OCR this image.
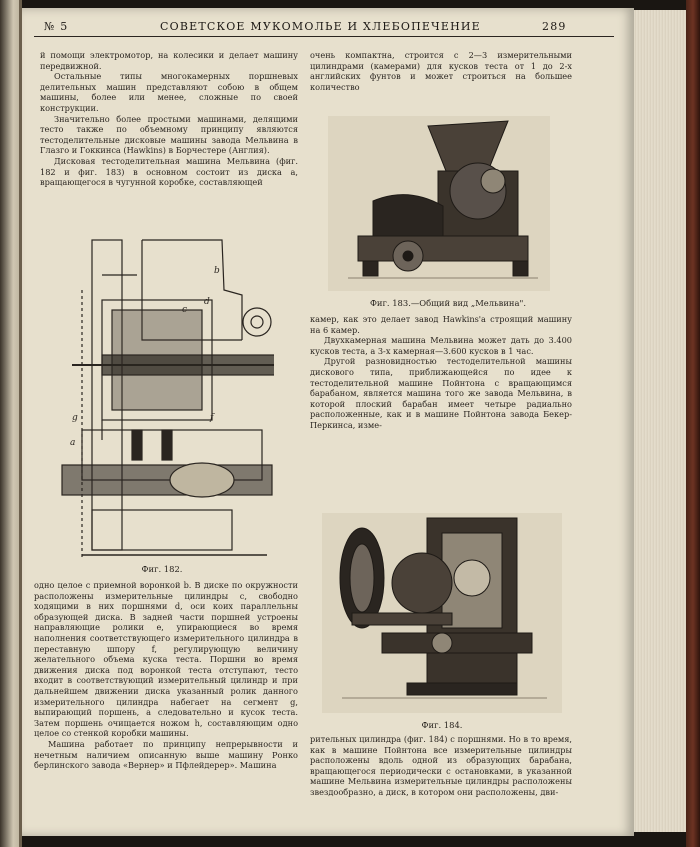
№ 5	СОВЕТСКОЕ МУКОМОЛЬЕ И ХЛЕБОПЕЧЕНИЕ	289

й помощи электромотор, на колесики и делает машину передвижной.

Остальные типы многокамерных поршневых делительных машин представляют собою в общем машины, более или менее, сложные по своей конструкции.

Значительно более простыми машинами, делящими тесто также по объемному принципу являются тестоделительные дисковые машины завода Мельвина в Глазго и Гоккинса (Hawkins) в Борчестере (Англия).

Дисковая тестоделительная машина Мельвина (фиг. 182 и фиг. 183) в основном состоит из диска а, вращающегося в чугунной коробке, составляющей

b
d
c
g
a
f
Фиг. 182.

одно целое с приемной воронкой b. В диске по окружности расположены измерительные цилиндры с, свободно ходящими в них поршнями d, оси коих параллельны образующей диска. В задней части поршней устроены направляющие ролики е, упирающиеся во время наполнения соответствующего измерительного цилиндра в переставную шпору f, регулирующую величину желательного объема куска теста. Поршни во время движения диска под воронкой теста отступают, тесто входит в соответствующий измерительный цилиндр и при дальнейшем движении диска указанный ролик данного измерительного цилиндра набегает на сегмент g, выпирающий поршень, а следовательно и кусок теста. Затем поршень очищается ножом h, составляющим одно целое со стенкой коробки машины.

Машина работает по принципу непрерывности и нечетным наличием описанную выше машину Ронко берлинского завода «Вернер» и Пфлейдерер». Машина

очень компактна, строится с 2—3 измерительными цилиндрами (камерами) для кусков теста от 1 до 2-х английских фунтов и может строиться на большее количество

Фиг. 183.—Общий вид „Мельвина".

камер, как это делает завод Hawkins'а строящий машину на 6 камер.

Двухкамерная машина Мельвина может дать до 3.400 кусков теста, а 3-х камерная—3.600 кусков в 1 час.

Другой разновидностью тестоделительной машины дискового типа, приближающейся по идее к тестоделительной машине Пойнтона с вращающимся барабаном, является машина того же завода Мельвина, в которой плоский барабан имеет четыре радиально расположенные, как и в машине Пойнтона завода Бекер-Перкинса, изме-

Фиг. 184.

рительных цилиндра (фиг. 184) с поршнями. Но в то время, как в машине Пойнтона все измерительные цилиндры расположены вдоль одной из образующих барабана, вращающегося периодически с остановками, в указанной машине Мельвина измерительные цилиндры расположены звездообразно, а диск, в котором они расположены, дви-
